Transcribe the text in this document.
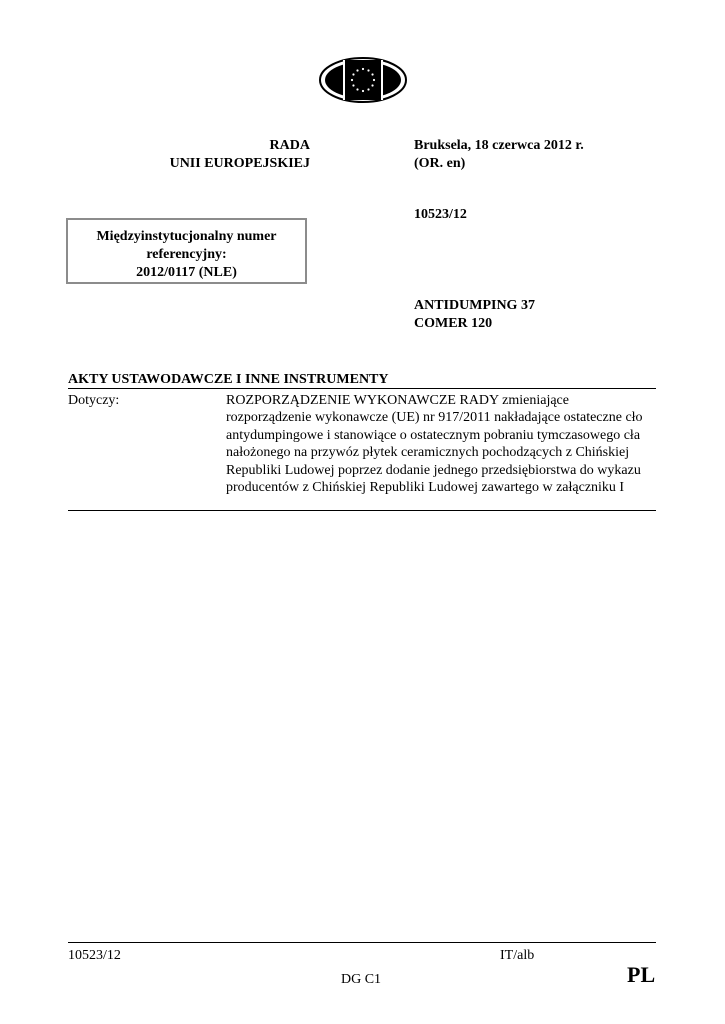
RADA
UNII EUROPEJSKIEJ
Bruksela, 18 czerwca 2012 r.
(OR. en)
10523/12
Międzyinstytucjonalny numer
referencyjny:
2012/0117 (NLE)
ANTIDUMPING 37
COMER 120
AKTY USTAWODAWCZE I INNE INSTRUMENTY
Dotyczy:	ROZPORZĄDZENIE WYKONAWCZE RADY zmieniające rozporządzenie wykonawcze (UE) nr 917/2011 nakładające ostateczne cło antydumpingowe i stanowiące o ostatecznym pobraniu tymczasowego cła nałożonego na przywóz płytek ceramicznych pochodzących z Chińskiej Republiki Ludowej poprzez dodanie jednego przedsiębiorstwa do wykazu producentów z Chińskiej Republiki Ludowej zawartego w załączniku I
10523/12	IT/alb
DG C1	PL
